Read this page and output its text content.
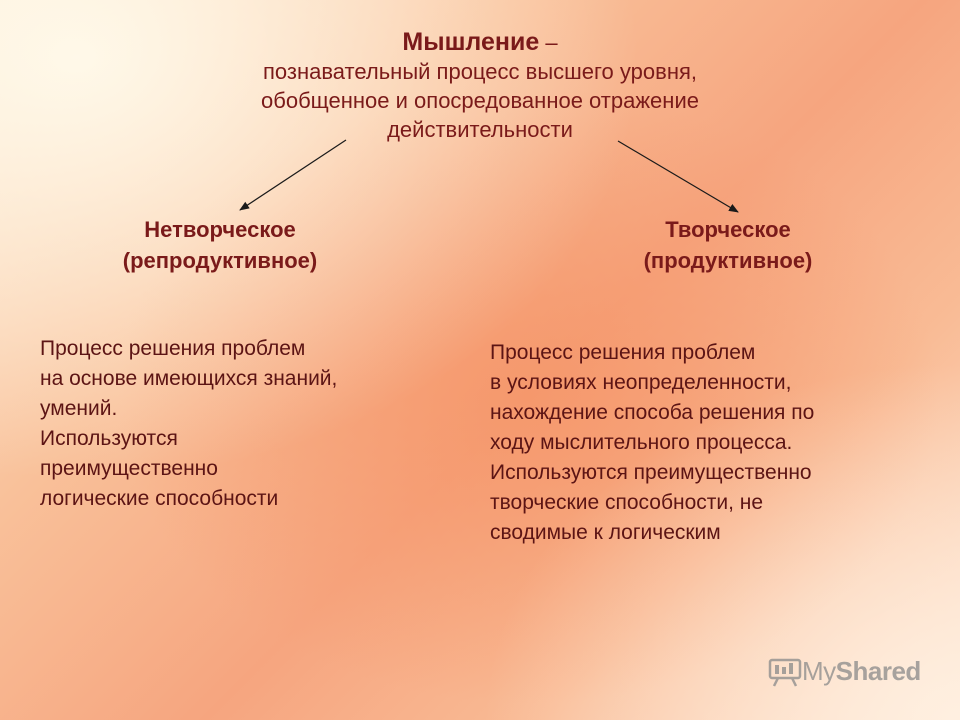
Мышление –
познавательный процесс высшего уровня,
обобщенное и опосредованное отражение
действительности
Нетворческое
(репродуктивное)
Творческое
(продуктивное)
Процесс решения проблем
на основе имеющихся знаний,
умений.
Используются
преимущественно
логические способности
Процесс решения проблем
в условиях неопределенности,
нахождение способа решения по
ходу мыслительного процесса.
Используются преимущественно
творческие способности, не
сводимые к логическим
MyShared
